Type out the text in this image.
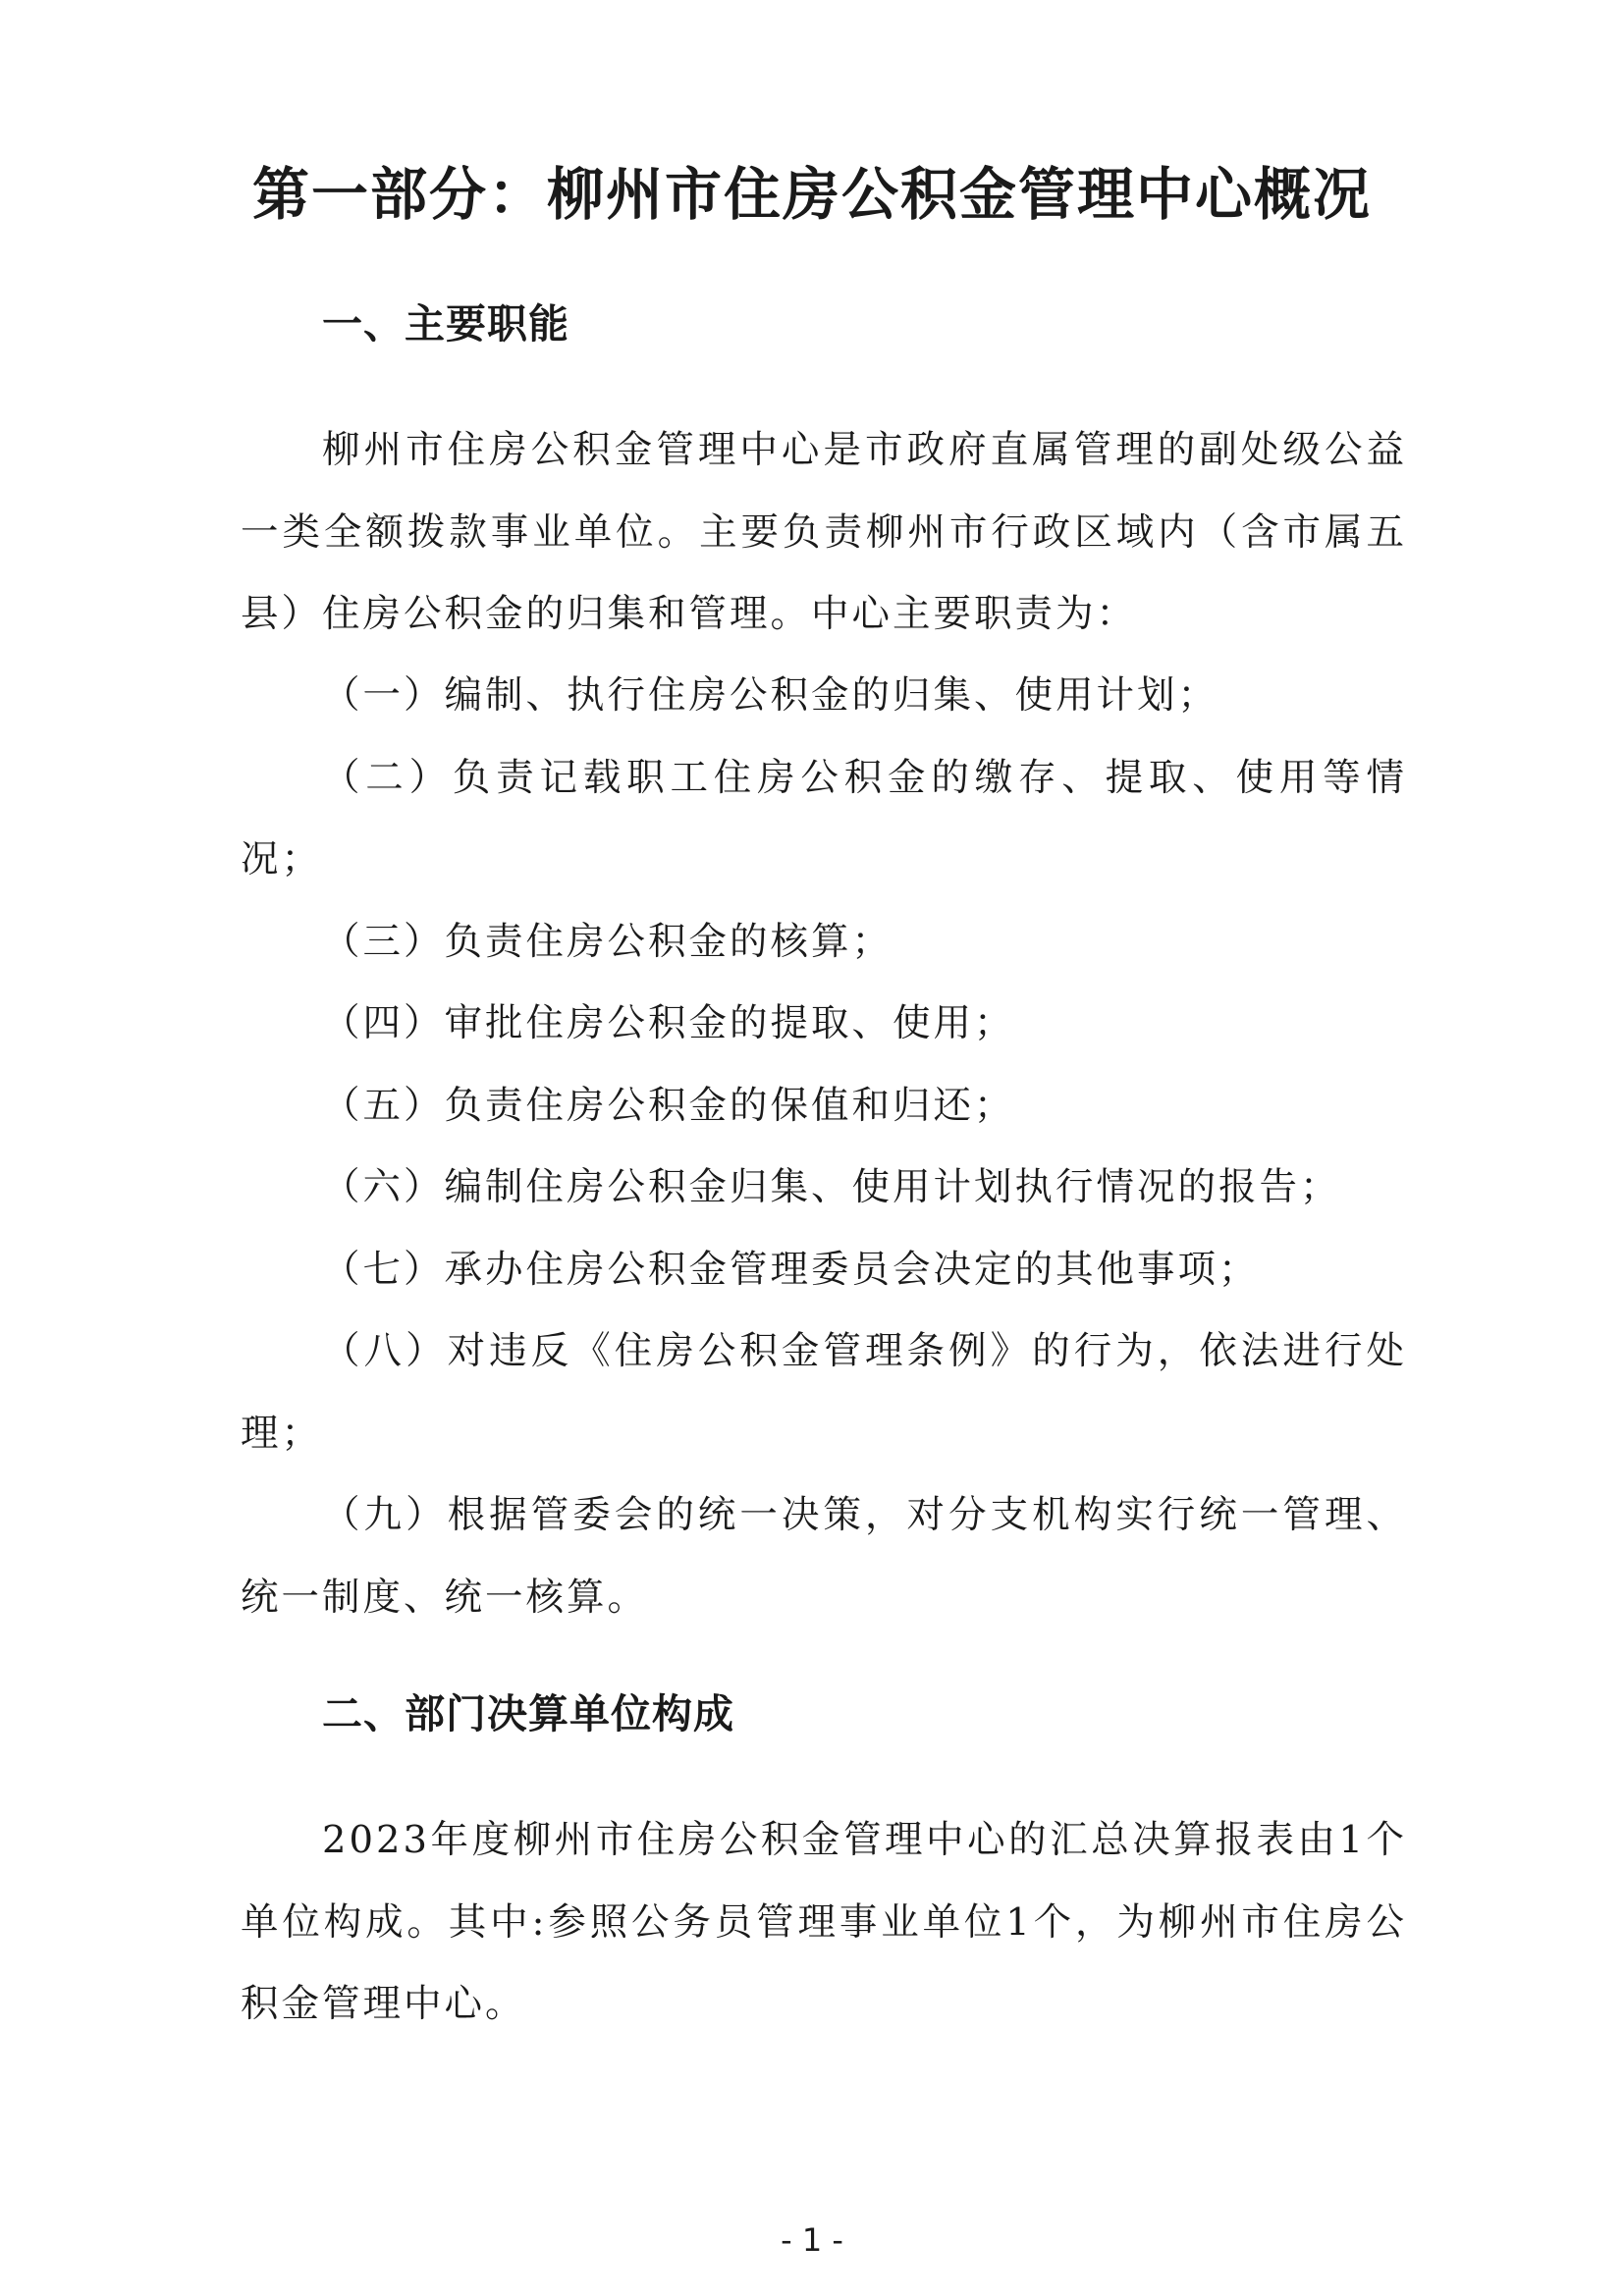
第一部分：柳州市住房公积金管理中心概况
一、主要职能

柳州市住房公积金管理中心是市政府直属管理的副处级公益一类全额拨款事业单位。主要负责柳州市行政区域内（含市属五县）住房公积金的归集和管理。中心主要职责为：

（一）编制、执行住房公积金的归集、使用计划；
（二）负责记载职工住房公积金的缴存、提取、使用等情况；
（三）负责住房公积金的核算；
（四）审批住房公积金的提取、使用；
（五）负责住房公积金的保值和归还；
（六）编制住房公积金归集、使用计划执行情况的报告；
（七）承办住房公积金管理委员会决定的其他事项；
（八）对违反《住房公积金管理条例》的行为，依法进行处理；
（九）根据管委会的统一决策，对分支机构实行统一管理、统一制度、统一核算。
二、部门决算单位构成

2023年度柳州市住房公积金管理中心的汇总决算报表由1个单位构成。其中:参照公务员管理事业单位1个，为柳州市住房公积金管理中心。

- 1 -
